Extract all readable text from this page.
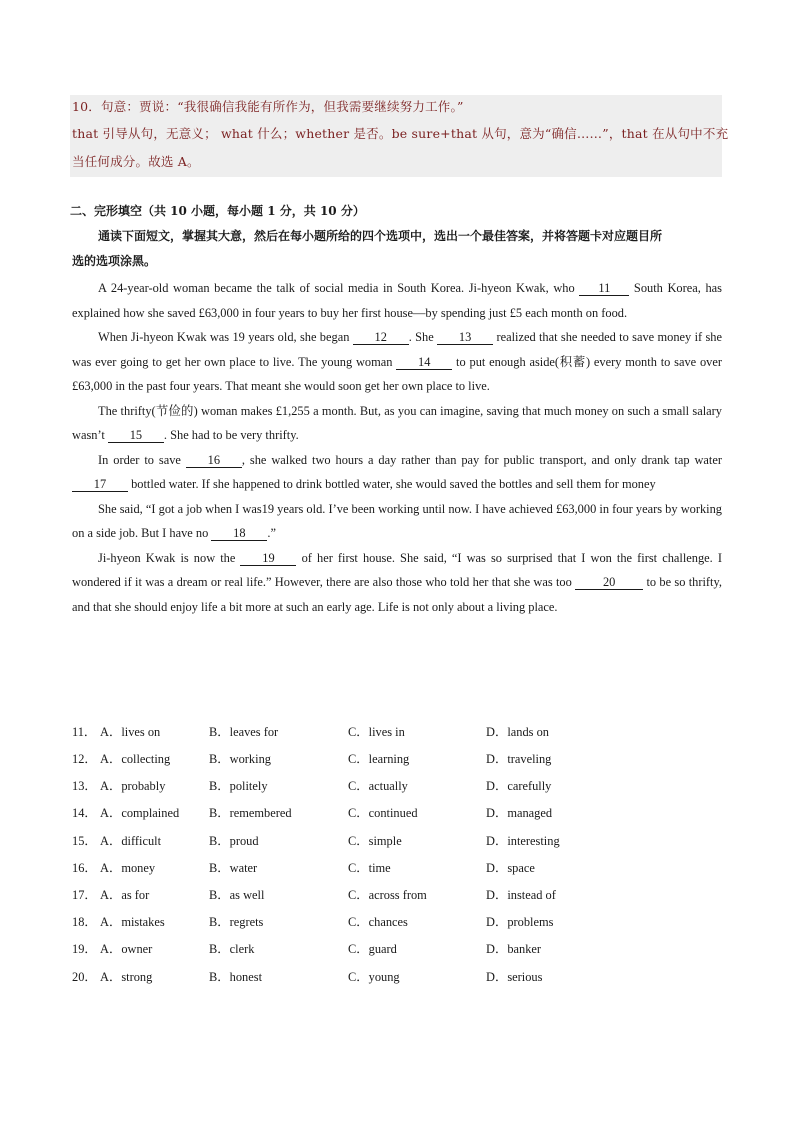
10．句意：贾说：“我很确信我能有所作为，但我需要继续努力工作。”
that 引导从句，无意义； what 什么；whether 是否。be sure+that 从句，意为“确信……”，that 在从句中不充
当任何成分。故选 A。
二、完形填空（共 10 小题，每小题 1 分，共 10 分）
通读下面短文，掌握其大意，然后在每小题所给的四个选项中，选出一个最佳答案，并将答题卡对应题目所
选的选项涂黑。

A 24-year-old woman became the talk of social media in South Korea. Ji-hyeon Kwak, who 11 South Korea, has explained how she saved £63,000 in four years to buy her first house—by spending just £5 each month on food.

When Ji-hyeon Kwak was 19 years old, she began 12 . She 13 realized that she needed to save money if she was ever going to get her own place to live. The young woman 14 to put enough aside(积蓄) every month to save over £63,000 in the past four years. That meant she would soon get her own place to live.

The thrifty(节俭的) woman makes £1,255 a month. But, as you can imagine, saving that much money on such a small salary wasn’t 15 . She had to be very thrifty.

In order to save 16 , she walked two hours a day rather than pay for public transport, and only drank tap water 17 bottled water. If she happened to drink bottled water, she would saved the bottles and sell them for money

She said, “I got a job when I was19 years old. I’ve been working until now. I have achieved £63,000 in four years by working on a side job. But I have no 18 .”

Ji-hyeon Kwak is now the 19 of her first house. She said, “I was so surprised that I won the first challenge. I wondered if it was a dream or real life.” However, there are also those who told her that she was too 20 to be so thrifty, and that she should enjoy life a bit more at such an early age. Life is not only about a living place.

11． A．lives on	B．leaves for	C．lives in	D．lands on
12． A．collecting	B．working	C．learning	D．traveling
13． A．probably	B．politely	C．actually	D．carefully
14． A．complained B．remembered	C．continued	D．managed
15． A．difficult	B．proud	C．simple	D．interesting
16． A．money	B．water	C．time	D．space
17． A．as for	B．as well	C．across from	D．instead of
18． A．mistakes	B．regrets	C．chances	D．problems
19． A．owner	B．clerk	C．guard	D．banker
20． A．strong	B．honest	C．young	D．serious
